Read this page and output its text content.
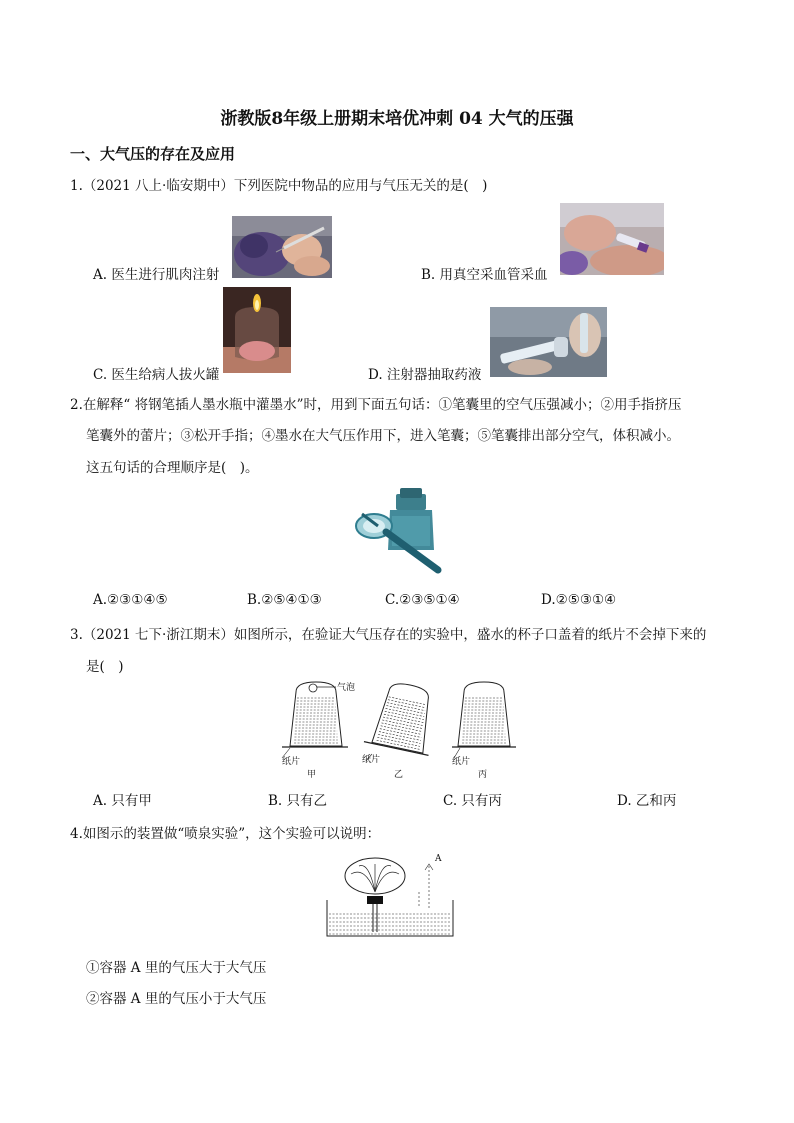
浙教版8年级上册期末培优冲刺 04 大气的压强
一、大气压的存在及应用
1.（2021 八上·临安期中）下列医院中物品的应用与气压无关的是(　)
A. 医生进行肌肉注射	B. 用真空采血管采血
C. 医生给病人拔火罐	D. 注射器抽取药液
2.在解释“ 将钢笔插人墨水瓶中灌墨水”时，用到下面五句话：①笔囊里的空气压强减小；②用手指挤压
笔囊外的蕾片；③松开手指；④墨水在大气压作用下，进入笔囊；⑤笔囊排出部分空气，体积减小。
这五句话的合理顺序是(　)。
A.②③①④⑤	B.②⑤④①③	C.②③⑤①④	D.②⑤③①④
3.（2021 七下·浙江期末）如图所示，在验证大气压存在的实验中，盛水的杯子口盖着的纸片不会掉下来的
是(　)
气泡
纸片
甲
纸片
乙
纸片
丙
A. 只有甲	B. 只有乙	C. 只有丙	D. 乙和丙
4.如图示的装置做“喷泉实验”，这个实验可以说明：
A
①容器 A 里的气压大于大气压
②容器 A 里的气压小于大气压
